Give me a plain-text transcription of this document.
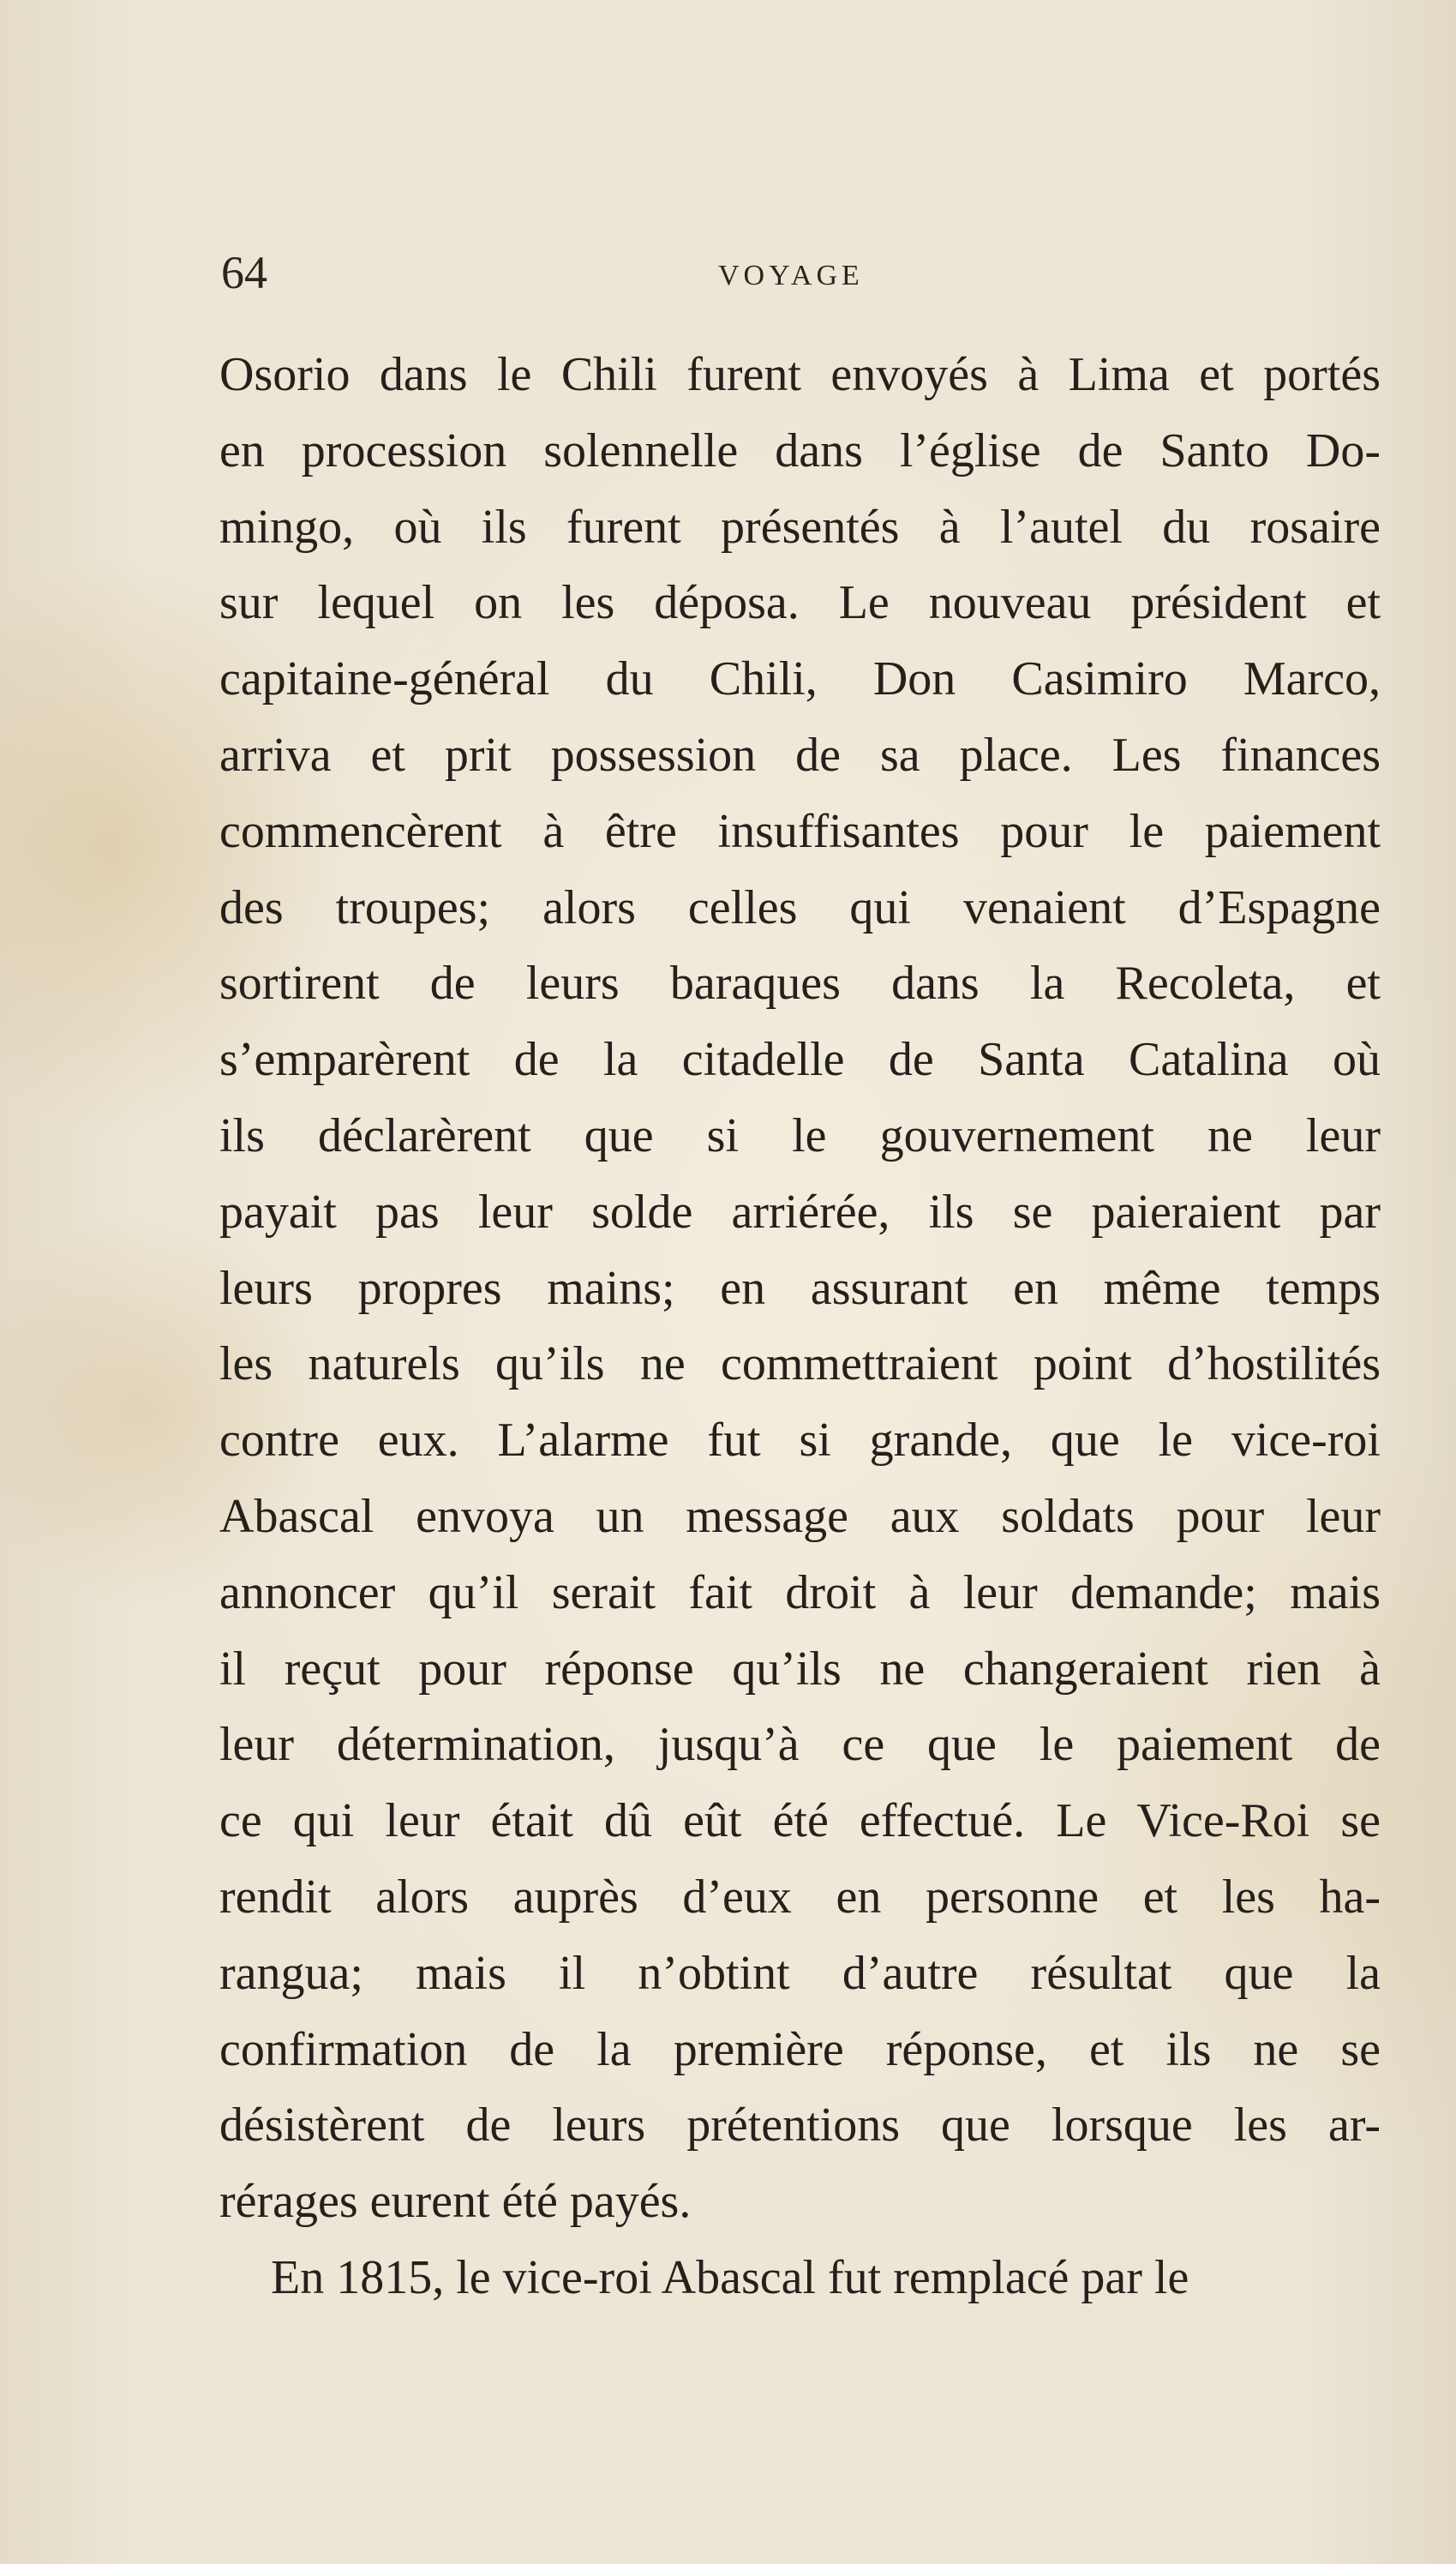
64	VOYAGE
Osorio dans le Chili furent envoyés à Lima et portés
en procession solennelle dans l’église de Santo Do-
mingo, où ils furent présentés à l’autel du rosaire
sur lequel on les déposa. Le nouveau président et
capitaine-général du Chili, Don Casimiro Marco,
arriva et prit possession de sa place. Les finances
commencèrent à être insuffisantes pour le paiement
des troupes; alors celles qui venaient d’Espagne
sortirent de leurs baraques dans la Recoleta, et
s’emparèrent de la citadelle de Santa Catalina où
ils déclarèrent que si le gouvernement ne leur
payait pas leur solde arriérée, ils se paieraient par
leurs propres mains; en assurant en même temps
les naturels qu’ils ne commettraient point d’hostilités
contre eux. L’alarme fut si grande, que le vice-roi
Abascal envoya un message aux soldats pour leur
annoncer qu’il serait fait droit à leur demande; mais
il reçut pour réponse qu’ils ne changeraient rien à
leur détermination, jusqu’à ce que le paiement de
ce qui leur était dû eût été effectué. Le Vice-Roi se
rendit alors auprès d’eux en personne et les ha-
rangua; mais il n’obtint d’autre résultat que la
confirmation de la première réponse, et ils ne se
désistèrent de leurs prétentions que lorsque les ar-
rérages eurent été payés.
En 1815, le vice-roi Abascal fut remplacé par le
